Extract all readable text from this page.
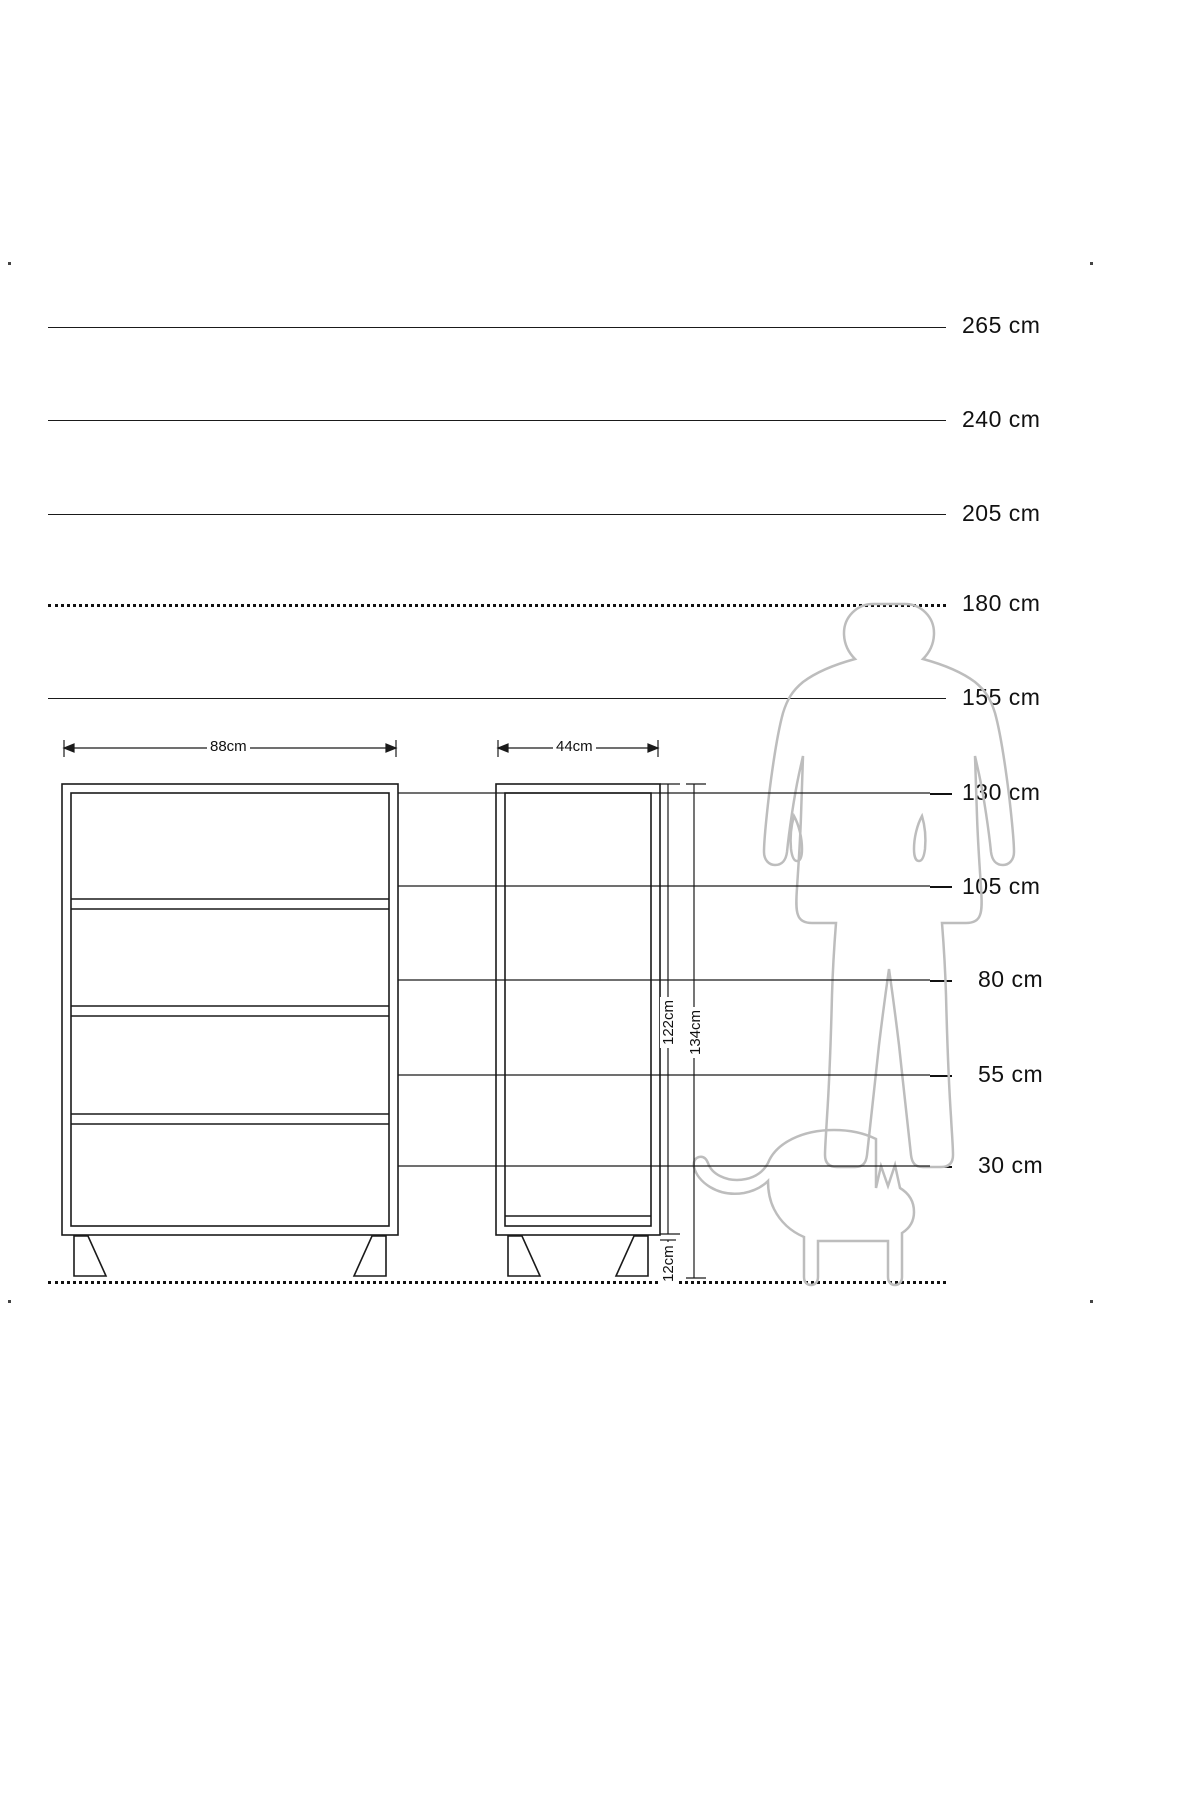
265 cm
240 cm
205 cm
180 cm
155 cm
130 cm
105 cm
80 cm
55 cm
30 cm
88cm	44cm
122cm 134cm
12cm
